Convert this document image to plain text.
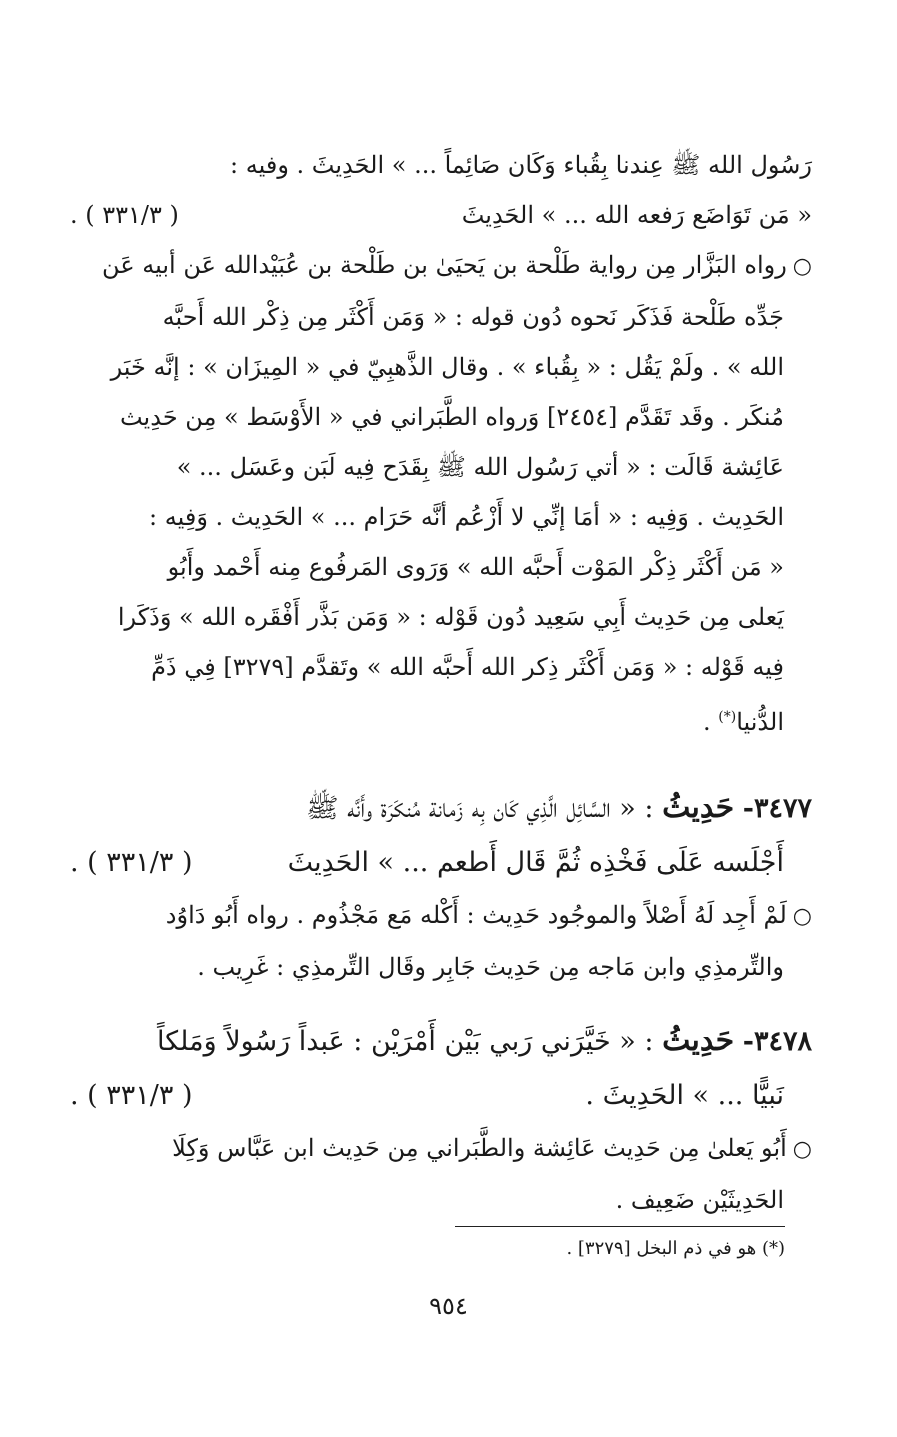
رَسُول الله ﷺ عِندنا بِقُباء وَكَان صَائِماً ... » الحَدِيثَ . وفيه :
« مَن تَوَاضَع رَفعه الله ... » الحَدِيثَ
( ٣٣١/٣ ) .
○رواه البَزَّار مِن رواية طَلْحة بن يَحيَىٰ بن طَلْحة بن عُبَيْدالله عَن أبيه عَن
جَدِّه طَلْحة فَذَكَر نَحوه دُون قوله : « وَمَن أَكْثَر مِن ذِكْر الله أَحبَّه
الله » . ولَمْ يَقُل : « بِقُباء » . وقال الذَّهبِيّ في « المِيزَان » : إنَّه خَبَر
مُنكَر . وقَد تَقَدَّم [٢٤٥٤] وَرواه الطَّبَراني في « الأَوْسَط » مِن حَدِيث
عَائِشة قَالَت : « أتي رَسُول الله ﷺ بِقَدَح فِيه لَبَن وعَسَل ... »
الحَدِيث . وَفِيه : « أمَا إنِّي لا أَزْعُم أنَّه حَرَام ... » الحَدِيث . وَفِيه :
« مَن أَكْثَر ذِكْر المَوْت أَحبَّه الله » وَرَوى المَرفُوع مِنه أَحْمد وأَبُو
يَعلى مِن حَدِيث أَبِي سَعِيد دُون قَوْله : « وَمَن بَذَّر أَفْقَره الله » وَذَكَرا
فِيه قَوْله : « وَمَن أَكْثَر ذِكر الله أَحبَّه الله » وتَقدَّم [٣٢٧٩] فِي ذَمِّ
الدُّنيا(*) .
٣٤٧٧- حَدِيثُ : « السَّائِل الَّذِي كَان بِه زَمانة مُنكَرَة وأَنَّه ﷺ
أَجْلَسه عَلَى فَخْذِه ثُمَّ قَال أَطعم ... » الحَدِيثَ
( ٣٣١/٣ ) .
○لَمْ أَجِد لَهُ أَصْلاً والموجُود حَدِيث : أَكْله مَع مَجْذُوم . رواه أَبُو دَاوُد
والتِّرمذِي وابن مَاجه مِن حَدِيث جَابِر وقَال التِّرمذِي : غَرِيب .
٣٤٧٨- حَدِيثُ : « خَيَّرَني رَبي بَيْن أَمْرَيْن : عَبداً رَسُولاً وَمَلكاً
نَبيًّا ... » الحَدِيثَ .
( ٣٣١/٣ ) .
○أَبُو يَعلىٰ مِن حَدِيث عَائِشة والطَّبَراني مِن حَدِيث ابن عَبَّاس وَكِلَا
الحَدِيثَيْن ضَعِيف .
(*) هو في ذم البخل [٣٢٧٩] .
٩٥٤
